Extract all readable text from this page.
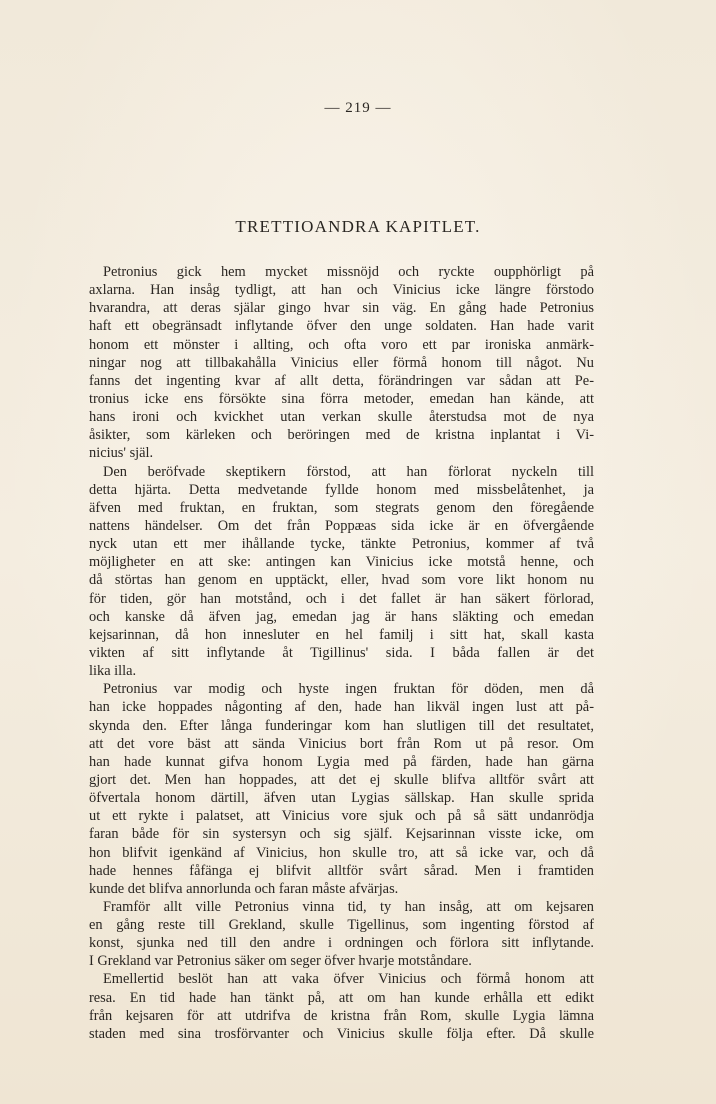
— 219 —
TRETTIOANDRA KAPITLET.
Petronius gick hem mycket missnöjd och ryckte oupphörligt på
axlarna. Han insåg tydligt, att han och Vinicius icke längre förstodo
hvarandra, att deras själar gingo hvar sin väg. En gång hade Petronius
haft ett obegränsadt inflytande öfver den unge soldaten. Han hade varit
honom ett mönster i allting, och ofta voro ett par ironiska anmärk-
ningar nog att tillbakahålla Vinicius eller förmå honom till något. Nu
fanns det ingenting kvar af allt detta, förändringen var sådan att Pe-
tronius icke ens försökte sina förra metoder, emedan han kände, att
hans ironi och kvickhet utan verkan skulle återstudsa mot de nya
åsikter, som kärleken och beröringen med de kristna inplantat i Vi-
nicius' själ.
Den beröfvade skeptikern förstod, att han förlorat nyckeln till
detta hjärta. Detta medvetande fyllde honom med missbelåtenhet, ja
äfven med fruktan, en fruktan, som stegrats genom den föregående
nattens händelser. Om det från Poppæas sida icke är en öfvergående
nyck utan ett mer ihållande tycke, tänkte Petronius, kommer af två
möjligheter en att ske: antingen kan Vinicius icke motstå henne, och
då störtas han genom en upptäckt, eller, hvad som vore likt honom nu
för tiden, gör han motstånd, och i det fallet är han säkert förlorad,
och kanske då äfven jag, emedan jag är hans släkting och emedan
kejsarinnan, då hon innesluter en hel familj i sitt hat, skall kasta
vikten af sitt inflytande åt Tigillinus' sida. I båda fallen är det
lika illa.
Petronius var modig och hyste ingen fruktan för döden, men då
han icke hoppades någonting af den, hade han likväl ingen lust att på-
skynda den. Efter långa funderingar kom han slutligen till det resultatet,
att det vore bäst att sända Vinicius bort från Rom ut på resor. Om
han hade kunnat gifva honom Lygia med på färden, hade han gärna
gjort det. Men han hoppades, att det ej skulle blifva alltför svårt att
öfvertala honom därtill, äfven utan Lygias sällskap. Han skulle sprida
ut ett rykte i palatset, att Vinicius vore sjuk och på så sätt undanrödja
faran både för sin systersyn och sig själf. Kejsarinnan visste icke, om
hon blifvit igenkänd af Vinicius, hon skulle tro, att så icke var, och då
hade hennes fåfänga ej blifvit alltför svårt sårad. Men i framtiden
kunde det blifva annorlunda och faran måste afvärjas.
Framför allt ville Petronius vinna tid, ty han insåg, att om kejsaren
en gång reste till Grekland, skulle Tigellinus, som ingenting förstod af
konst, sjunka ned till den andre i ordningen och förlora sitt inflytande.
I Grekland var Petronius säker om seger öfver hvarje motståndare.
Emellertid beslöt han att vaka öfver Vinicius och förmå honom att
resa. En tid hade han tänkt på, att om han kunde erhålla ett edikt
från kejsaren för att utdrifva de kristna från Rom, skulle Lygia lämna
staden med sina trosförvanter och Vinicius skulle följa efter. Då skulle
